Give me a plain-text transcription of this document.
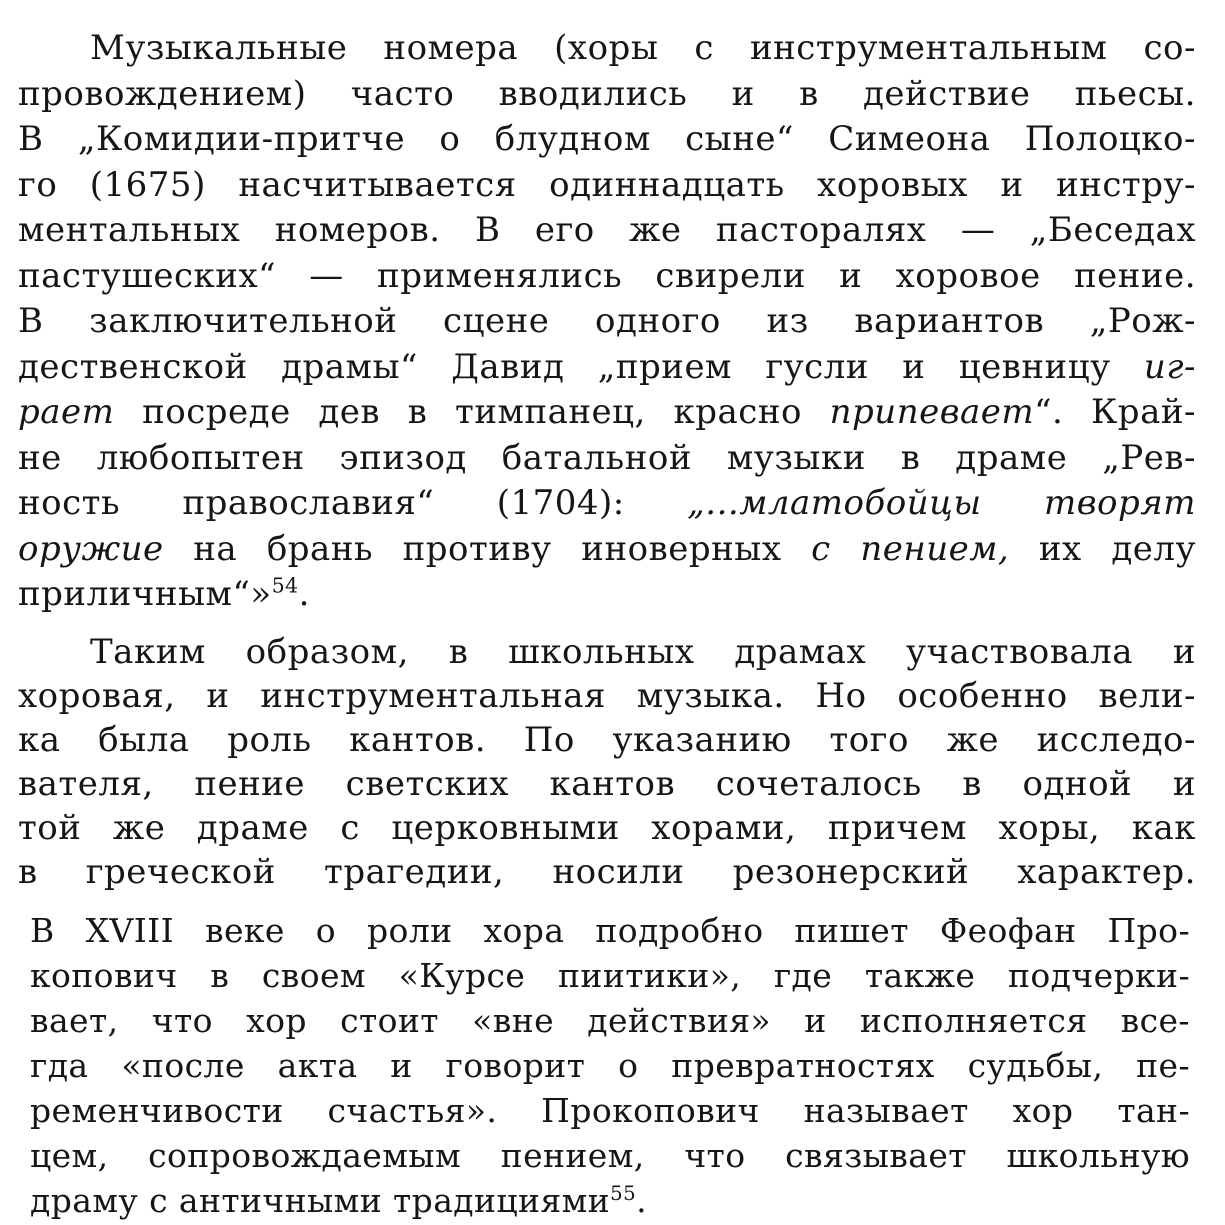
Музыкальные номера (хоры с инструментальным со-
провождением) часто вводились и в действие пьесы.
В „Комидии-притче о блудном сыне“ Симеона Полоцко-
го (1675) насчитывается одиннадцать хоровых и инстру-
ментальных номеров. В его же пасторалях — „Беседах
пастушеских“ — применялись свирели и хоровое пение.
В заключительной сцене одного из вариантов „Рож-
дественской драмы“ Давид „прием гусли и цевницу иг-
рает посреде дев в тимпанец, красно припевает“. Край-
не любопытен эпизод батальной музыки в драме „Рев-
ность православия“ (1704): „...млатобойцы творят
оружие на брань противу иноверных с пением, их делу
приличным“»$^{54}$.
Таким образом, в школьных драмах участвовала и
хоровая, и инструментальная музыка. Но особенно вели-
ка была роль кантов. По указанию того же исследо-
вателя, пение светских кантов сочеталось в одной и
той же драме с церковными хорами, причем хоры, как
в греческой трагедии, носили резонерский характер.
В XVIII веке о роли хора подробно пишет Феофан Про-
копович в своем «Курсе пиитики», где также подчерки-
вает, что хор стоит «вне действия» и исполняется все-
гда «после акта и говорит о превратностях судьбы, пе-
ременчивости счастья». Прокопович называет хор тан-
цем, сопровождаемым пением, что связывает школьную
драму с античными традициями$^{55}$.
